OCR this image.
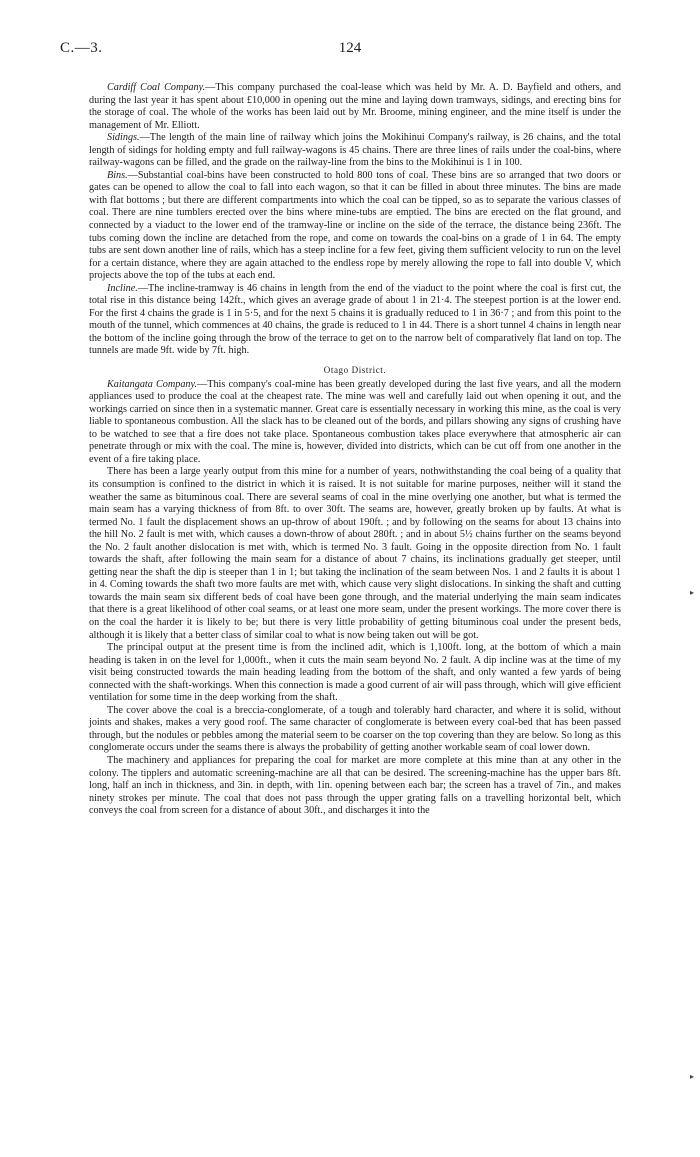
C.—3.	124

Cardiff Coal Company.—This company purchased the coal-lease which was held by Mr. A. D. Bayfield and others, and during the last year it has spent about £10,000 in opening out the mine and laying down tramways, sidings, and erecting bins for the storage of coal. The whole of the works has been laid out by Mr. Broome, mining engineer, and the mine itself is under the management of Mr. Elliott.

Sidings.—The length of the main line of railway which joins the Mokihinui Company's railway, is 26 chains, and the total length of sidings for holding empty and full railway-wagons is 45 chains. There are three lines of rails under the coal-bins, where railway-wagons can be filled, and the grade on the railway-line from the bins to the Mokihinui is 1 in 100.

Bins.—Substantial coal-bins have been constructed to hold 800 tons of coal. These bins are so arranged that two doors or gates can be opened to allow the coal to fall into each wagon, so that it can be filled in about three minutes. The bins are made with flat bottoms ; but there are different compartments into which the coal can be tipped, so as to separate the various classes of coal. There are nine tumblers erected over the bins where mine-tubs are emptied. The bins are erected on the flat ground, and connected by a viaduct to the lower end of the tramway-line or incline on the side of the terrace, the distance being 236ft. The tubs coming down the incline are detached from the rope, and come on towards the coal-bins on a grade of 1 in 64. The empty tubs are sent down another line of rails, which has a steep incline for a few feet, giving them sufficient velocity to run on the level for a certain distance, where they are again attached to the endless rope by merely allowing the rope to fall into double V, which projects above the top of the tubs at each end.

Incline.—The incline-tramway is 46 chains in length from the end of the viaduct to the point where the coal is first cut, the total rise in this distance being 142ft., which gives an average grade of about 1 in 21·4. The steepest portion is at the lower end. For the first 4 chains the grade is 1 in 5·5, and for the next 5 chains it is gradually reduced to 1 in 36·7 ; and from this point to the mouth of the tunnel, which commences at 40 chains, the grade is reduced to 1 in 44. There is a short tunnel 4 chains in length near the bottom of the incline going through the brow of the terrace to get on to the narrow belt of comparatively flat land on top. The tunnels are made 9ft. wide by 7ft. high.

Otago District.

Kaitangata Company.—This company's coal-mine has been greatly developed during the last five years, and all the modern appliances used to produce the coal at the cheapest rate. The mine was well and carefully laid out when opening it out, and the workings carried on since then in a systematic manner. Great care is essentially necessary in working this mine, as the coal is very liable to spontaneous combustion. All the slack has to be cleaned out of the bords, and pillars showing any signs of crushing have to be watched to see that a fire does not take place. Spontaneous combustion takes place everywhere that atmospheric air can penetrate through or mix with the coal. The mine is, however, divided into districts, which can be cut off from one another in the event of a fire taking place.

There has been a large yearly output from this mine for a number of years, nothwithstanding the coal being of a quality that its consumption is confined to the district in which it is raised. It is not suitable for marine purposes, neither will it stand the weather the same as bituminous coal. There are several seams of coal in the mine overlying one another, but what is termed the main seam has a varying thickness of from 8ft. to over 30ft. The seams are, however, greatly broken up by faults. At what is termed No. 1 fault the displacement shows an up-throw of about 190ft. ; and by following on the seams for about 13 chains into the hill No. 2 fault is met with, which causes a down-throw of about 280ft. ; and in about 5½ chains further on the seams beyond the No. 2 fault another dislocation is met with, which is termed No. 3 fault. Going in the opposite direction from No. 1 fault towards the shaft, after following the main seam for a distance of about 7 chains, its inclinations gradually get steeper, until getting near the shaft the dip is steeper than 1 in 1; but taking the inclination of the seam between Nos. 1 and 2 faults it is about 1 in 4. Coming towards the shaft two more faults are met with, which cause very slight dislocations. In sinking the shaft and cutting towards the main seam six different beds of coal have been gone through, and the material underlying the main seam indicates that there is a great likelihood of other coal seams, or at least one more seam, under the present workings. The more cover there is on the coal the harder it is likely to be; but there is very little probability of getting bituminous coal under the present beds, although it is likely that a better class of similar coal to what is now being taken out will be got.

The principal output at the present time is from the inclined adit, which is 1,100ft. long, at the bottom of which a main heading is taken in on the level for 1,000ft., when it cuts the main seam beyond No. 2 fault. A dip incline was at the time of my visit being constructed towards the main heading leading from the bottom of the shaft, and only wanted a few yards of being connected with the shaft-workings. When this connection is made a good current of air will pass through, which will give efficient ventilation for some time in the deep working from the shaft.

The cover above the coal is a breccia-conglomerate, of a tough and tolerably hard character, and where it is solid, without joints and shakes, makes a very good roof. The same character of conglomerate is between every coal-bed that has been passed through, but the nodules or pebbles among the material seem to be coarser on the top covering than they are below. So long as this conglomerate occurs under the seams there is always the probability of getting another workable seam of coal lower down.

The machinery and appliances for preparing the coal for market are more complete at this mine than at any other in the colony. The tipplers and automatic screening-machine are all that can be desired. The screening-machine has the upper bars 8ft. long, half an inch in thickness, and 3in. in depth, with 1in. opening between each bar; the screen has a travel of 7in., and makes ninety strokes per minute. The coal that does not pass through the upper grating falls on a travelling horizontal belt, which conveys the coal from screen for a distance of about 30ft., and discharges it into the

▸
▸
